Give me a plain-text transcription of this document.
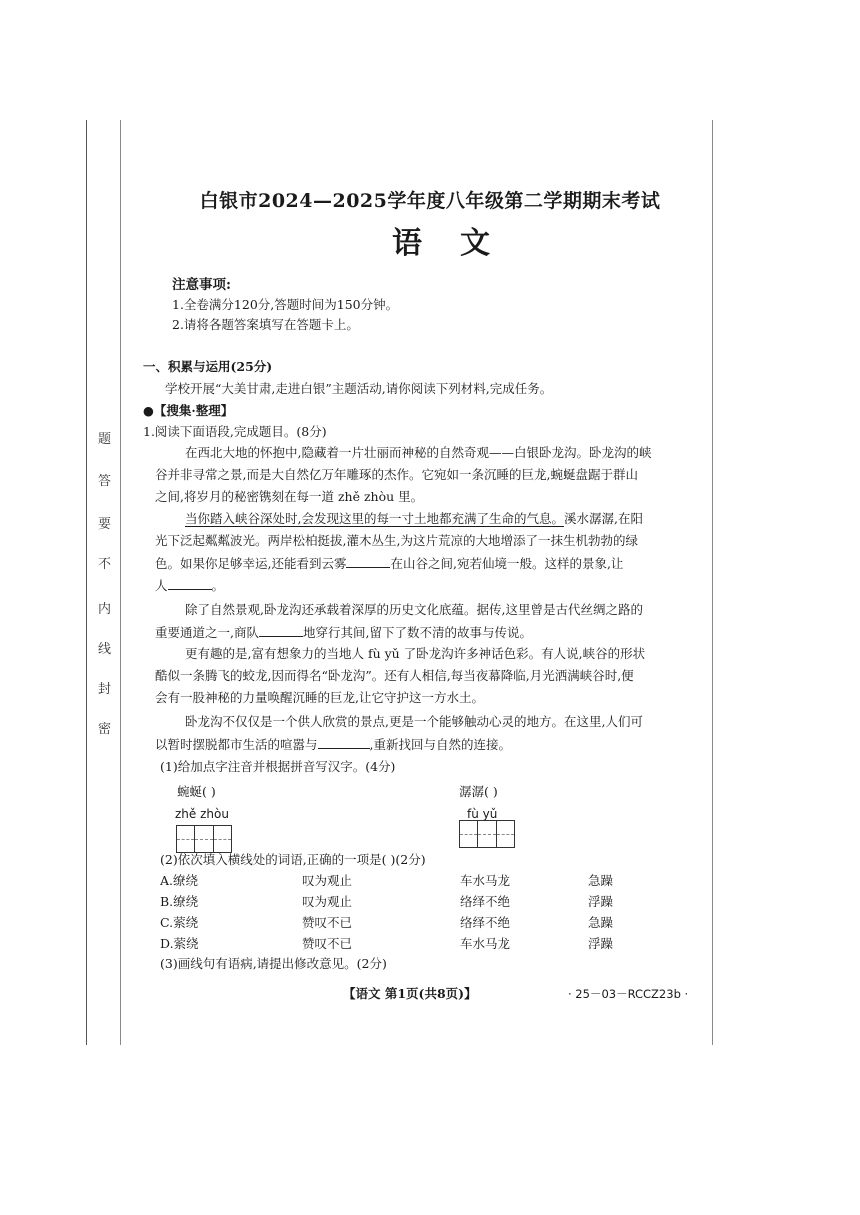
密
封
线
内
不
要
答
题
白银市2024—2025学年度八年级第二学期期末考试
语文
注意事项:
1.全卷满分120分,答题时间为150分钟。
2.请将各题答案填写在答题卡上。
一、积累与运用(25分)
学校开展“大美甘肃,走进白银”主题活动,请你阅读下列材料,完成任务。
●【搜集·整理】
1.阅读下面语段,完成题目。(8分)
在西北大地的怀抱中,隐藏着一片壮丽而神秘的自然奇观——白银卧龙沟。卧龙沟的峡
谷并非寻常之景,而是大自然亿万年雕琢的杰作。它宛如一条沉睡的巨龙,蜿蜒盘踞于群山
之间,将岁月的秘密镌刻在每一道 zhě zhòu 里。
当你踏入峡谷深处时,会发现这里的每一寸土地都充满了生命的气息。溪水潺潺,在阳
光下泛起粼粼波光。两岸松柏挺拔,灌木丛生,为这片荒凉的大地增添了一抹生机勃勃的绿
色。如果你足够幸运,还能看到云雾	在山谷之间,宛若仙境一般。这样的景象,让
人	。
除了自然景观,卧龙沟还承载着深厚的历史文化底蕴。据传,这里曾是古代丝绸之路的
重要通道之一,商队	地穿行其间,留下了数不清的故事与传说。
更有趣的是,富有想象力的当地人 fù yǔ 了卧龙沟许多神话色彩。有人说,峡谷的形状
酷似一条腾飞的蛟龙,因而得名“卧龙沟”。还有人相信,每当夜幕降临,月光洒满峡谷时,便
会有一股神秘的力量唤醒沉睡的巨龙,让它守护这一方水土。
卧龙沟不仅仅是一个供人欣赏的景点,更是一个能够触动心灵的地方。在这里,人们可
以暂时摆脱都市生活的喧嚣与	,重新找回与自然的连接。
(1)给加点字注音并根据拼音写汉字。(4分)
蜿蜒( )	潺潺( )
zhě zhòu	fù yǔ
(2)依次填入横线处的词语,正确的一项是( )(2分)
A.缭绕	叹为观止	车水马龙	急躁
B.缭绕	叹为观止	络绎不绝	浮躁
C.萦绕	赞叹不已	络绎不绝	急躁
D.萦绕	赞叹不已	车水马龙	浮躁
(3)画线句有语病,请提出修改意见。(2分)
【语文 第1页(共8页)】	· 25－03－RCCZ23b ·
